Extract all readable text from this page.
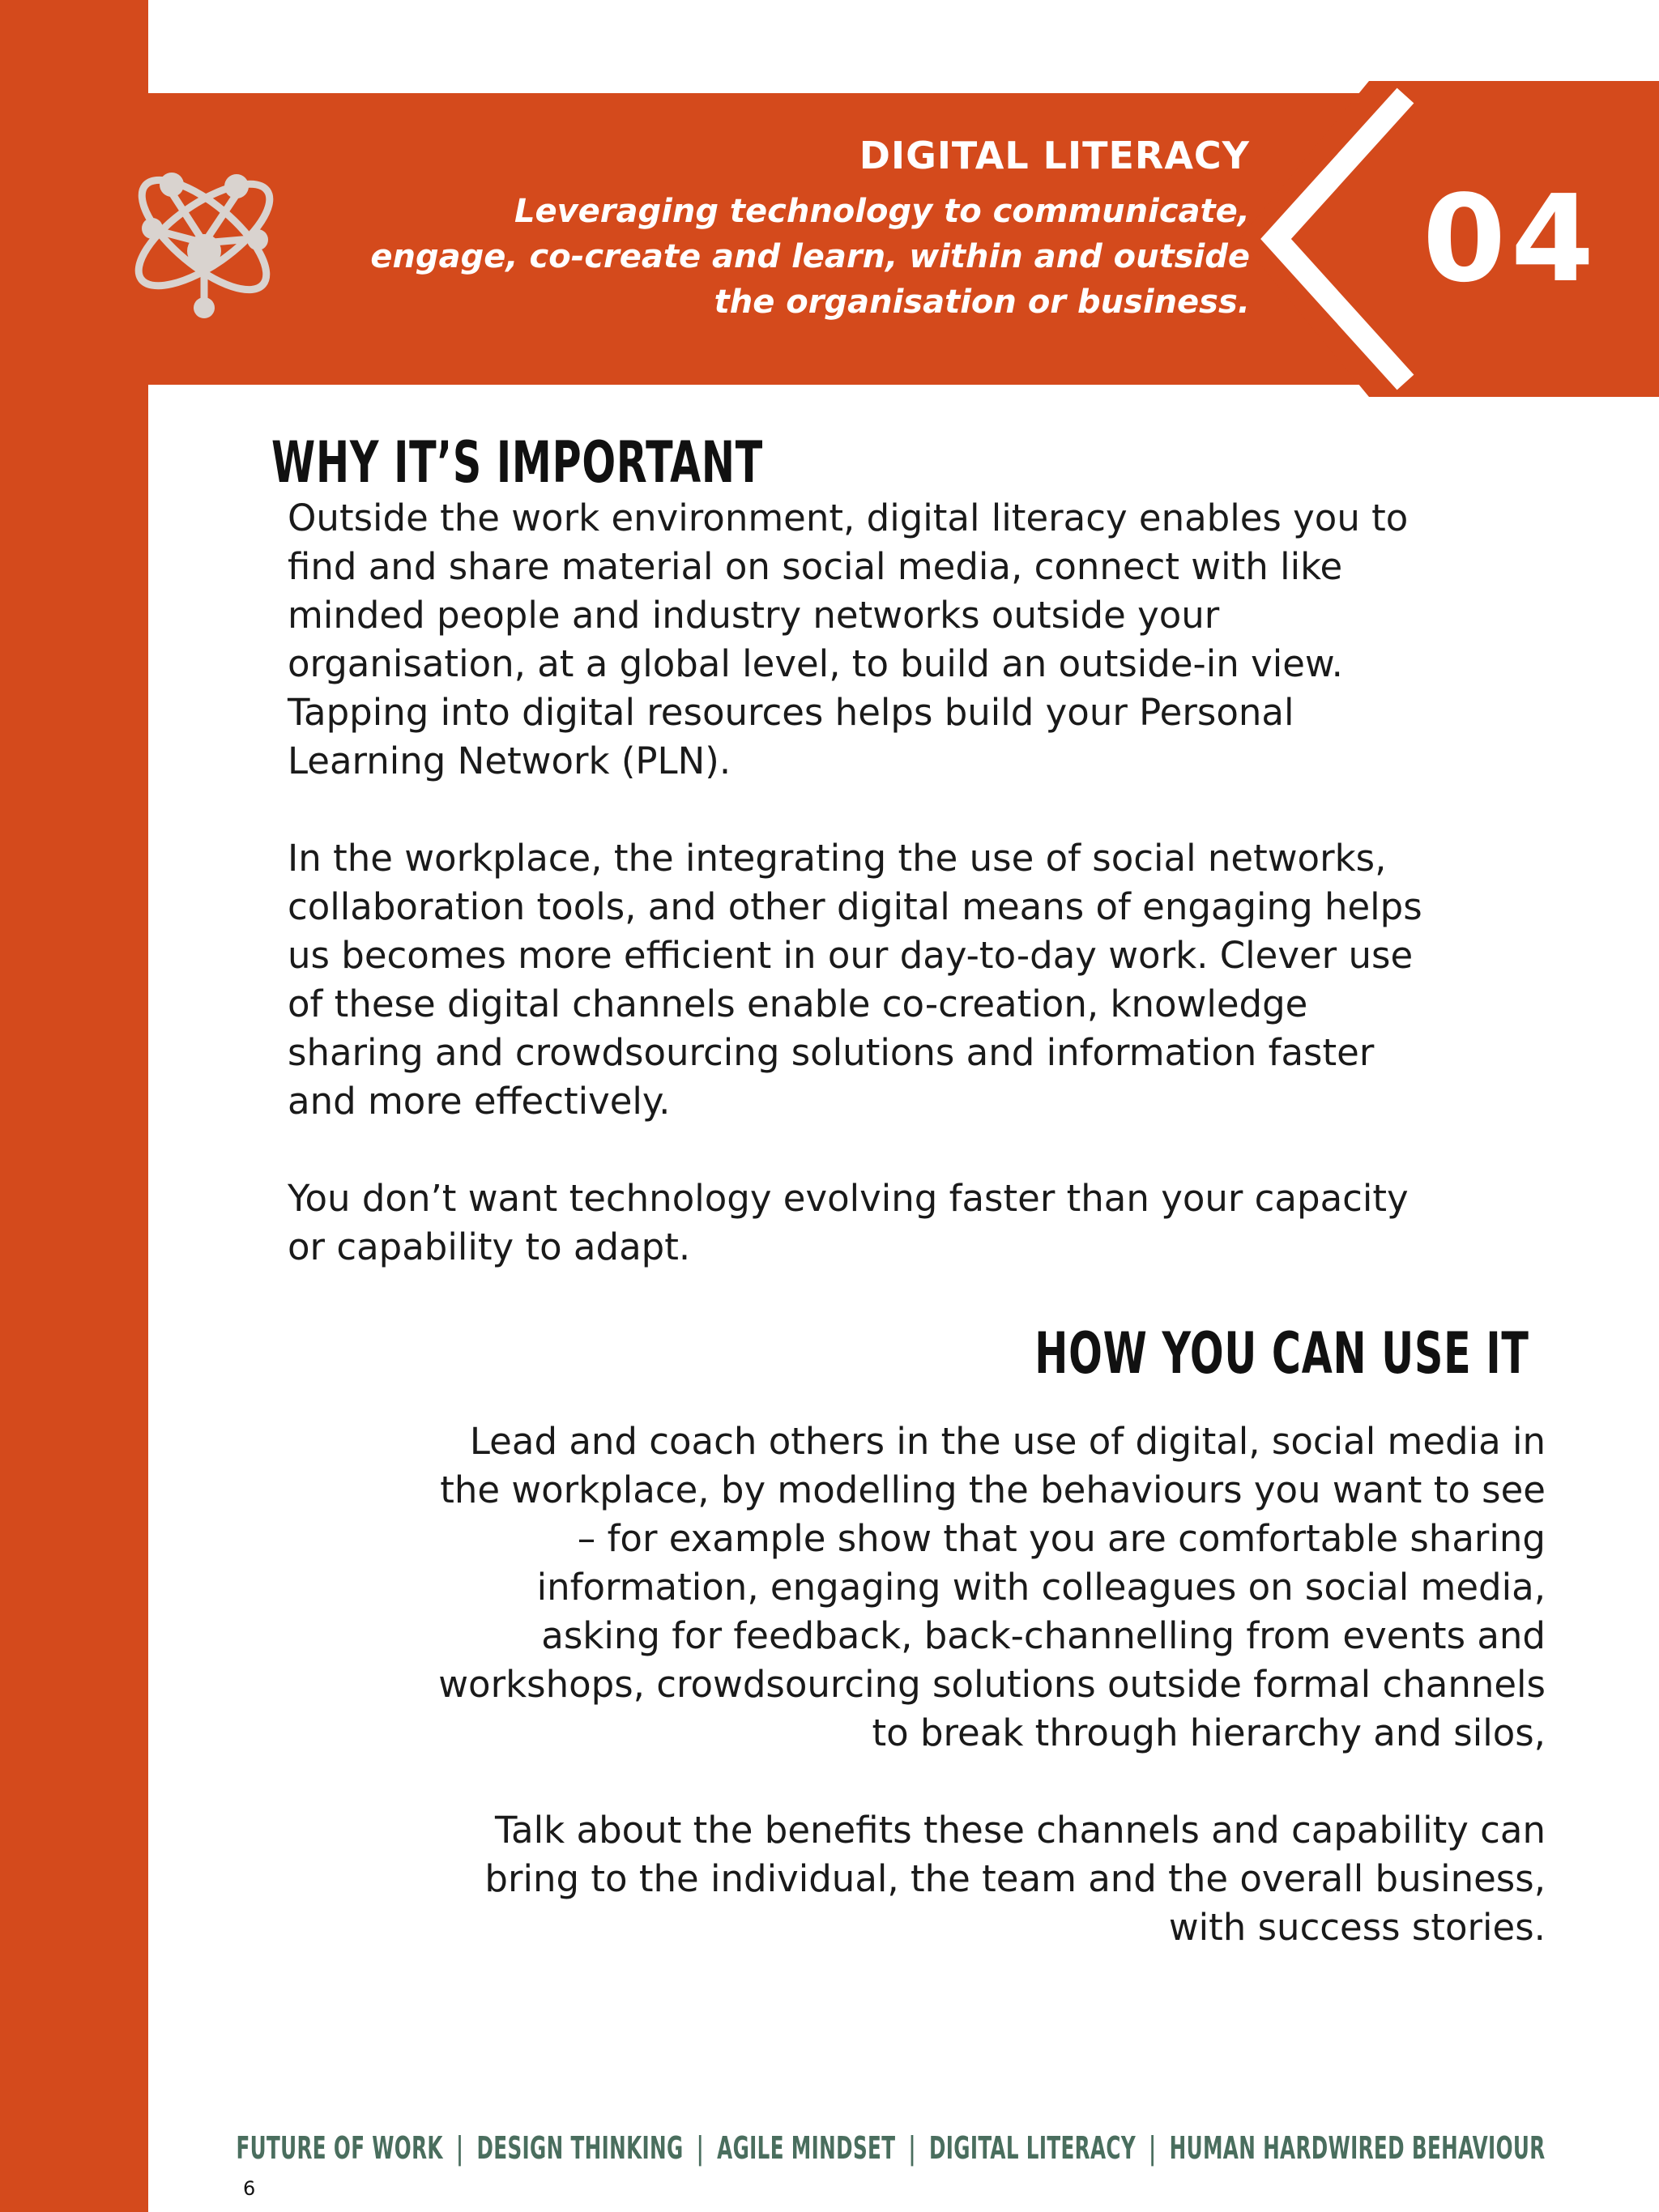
DIGITAL LITERACY
Leveraging technology to communicate,
engage, co-create and learn, within and outside
the organisation or business. 04
WHY IT’S IMPORTANT
Outside the work environment, digital literacy enables you to
find and share material on social media, connect with like
minded people and industry networks outside your
organisation, at a global level, to build an outside-in view.
Tapping into digital resources helps build your Personal
Learning Network (PLN).
In the workplace, the integrating the use of social networks,
collaboration tools, and other digital means of engaging helps
us becomes more efficient in our day-to-day work. Clever use
of these digital channels enable co-creation, knowledge
sharing and crowdsourcing solutions and information faster
and more effectively.
You don’t want technology evolving faster than your capacity
or capability to adapt.
HOW YOU CAN USE IT
Lead and coach others in the use of digital, social media in
the workplace, by modelling the behaviours you want to see
– for example show that you are comfortable sharing
information, engaging with colleagues on social media,
asking for feedback, back-channelling from events and
workshops, crowdsourcing solutions outside formal channels
to break through hierarchy and silos,
Talk about the benefits these channels and capability can
bring to the individual, the team and the overall business,
with success stories.
FUTURE OF WORK | DESIGN THINKING | AGILE MINDSET | DIGITAL LITERACY | HUMAN HARDWIRED BEHAVIOUR
6
